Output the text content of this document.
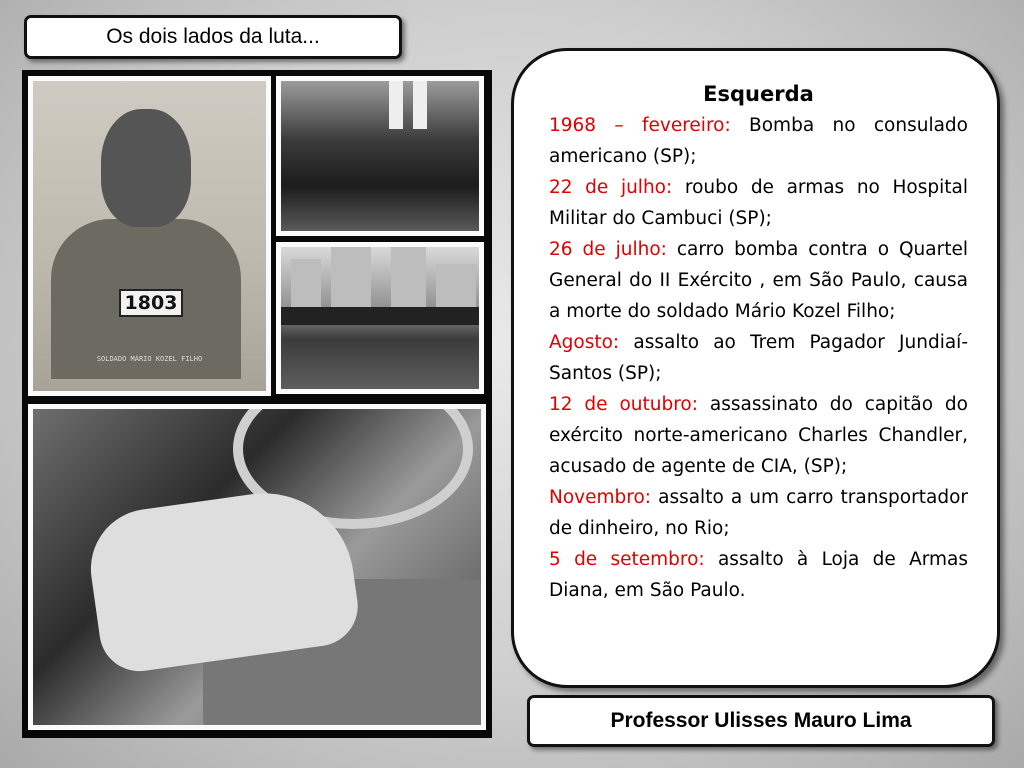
Os dois lados da luta...
1803
SOLDADO MÁRIO KOZEL FILHO
Esquerda

1968 – fevereiro: Bomba no consulado americano (SP);

22 de julho: roubo de armas no Hospital Militar do Cambuci (SP);

26 de julho: carro bomba contra o Quartel General do II Exército , em São Paulo, causa a morte do soldado Mário Kozel Filho;

Agosto: assalto ao Trem Pagador Jundiaí-Santos (SP);

12 de outubro: assassinato do capitão do exército norte-americano Charles Chandler, acusado de agente de CIA, (SP);

Novembro: assalto a um carro transportador de dinheiro, no Rio;

5 de setembro: assalto à Loja de Armas Diana, em São Paulo.

Professor Ulisses Mauro Lima
